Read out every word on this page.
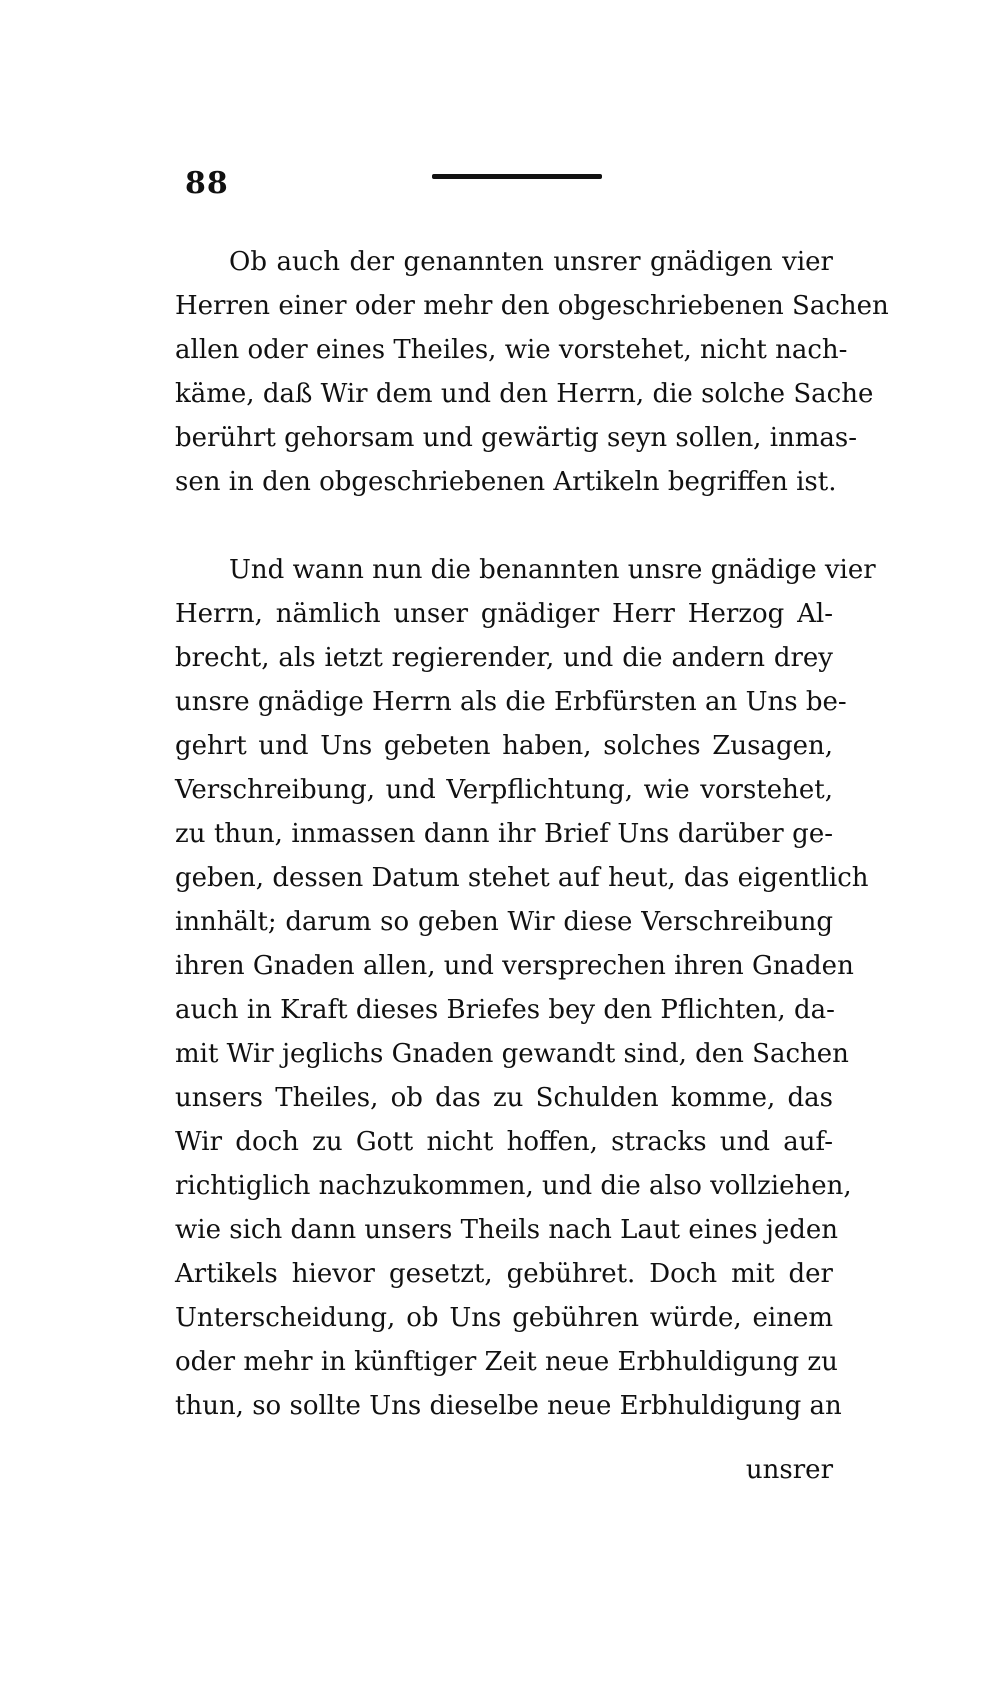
88
Ob auch der genannten unsrer gnädigen vier
Herren einer oder mehr den obgeschriebenen Sachen
allen oder eines Theiles, wie vorstehet, nicht nach-
käme, daß Wir dem und den Herrn, die solche Sache
berührt gehorsam und gewärtig seyn sollen, inmas-
sen in den obgeschriebenen Artikeln begriffen ist.
Und wann nun die benannten unsre gnädige vier
Herrn, nämlich unser gnädiger Herr Herzog Al-
brecht, als ietzt regierender, und die andern drey
unsre gnädige Herrn als die Erbfürsten an Uns be-
gehrt und Uns gebeten haben, solches Zusagen,
Verschreibung, und Verpflichtung, wie vorstehet,
zu thun, inmassen dann ihr Brief Uns darüber ge-
geben, dessen Datum stehet auf heut, das eigentlich
innhält; darum so geben Wir diese Verschreibung
ihren Gnaden allen, und versprechen ihren Gnaden
auch in Kraft dieses Briefes bey den Pflichten, da-
mit Wir jeglichs Gnaden gewandt sind, den Sachen
unsers Theiles, ob das zu Schulden komme, das
Wir doch zu Gott nicht hoffen, stracks und auf-
richtiglich nachzukommen, und die also vollziehen,
wie sich dann unsers Theils nach Laut eines jeden
Artikels hievor gesetzt, gebühret. Doch mit der
Unterscheidung, ob Uns gebühren würde, einem
oder mehr in künftiger Zeit neue Erbhuldigung zu
thun, so sollte Uns dieselbe neue Erbhuldigung an
unsrer
